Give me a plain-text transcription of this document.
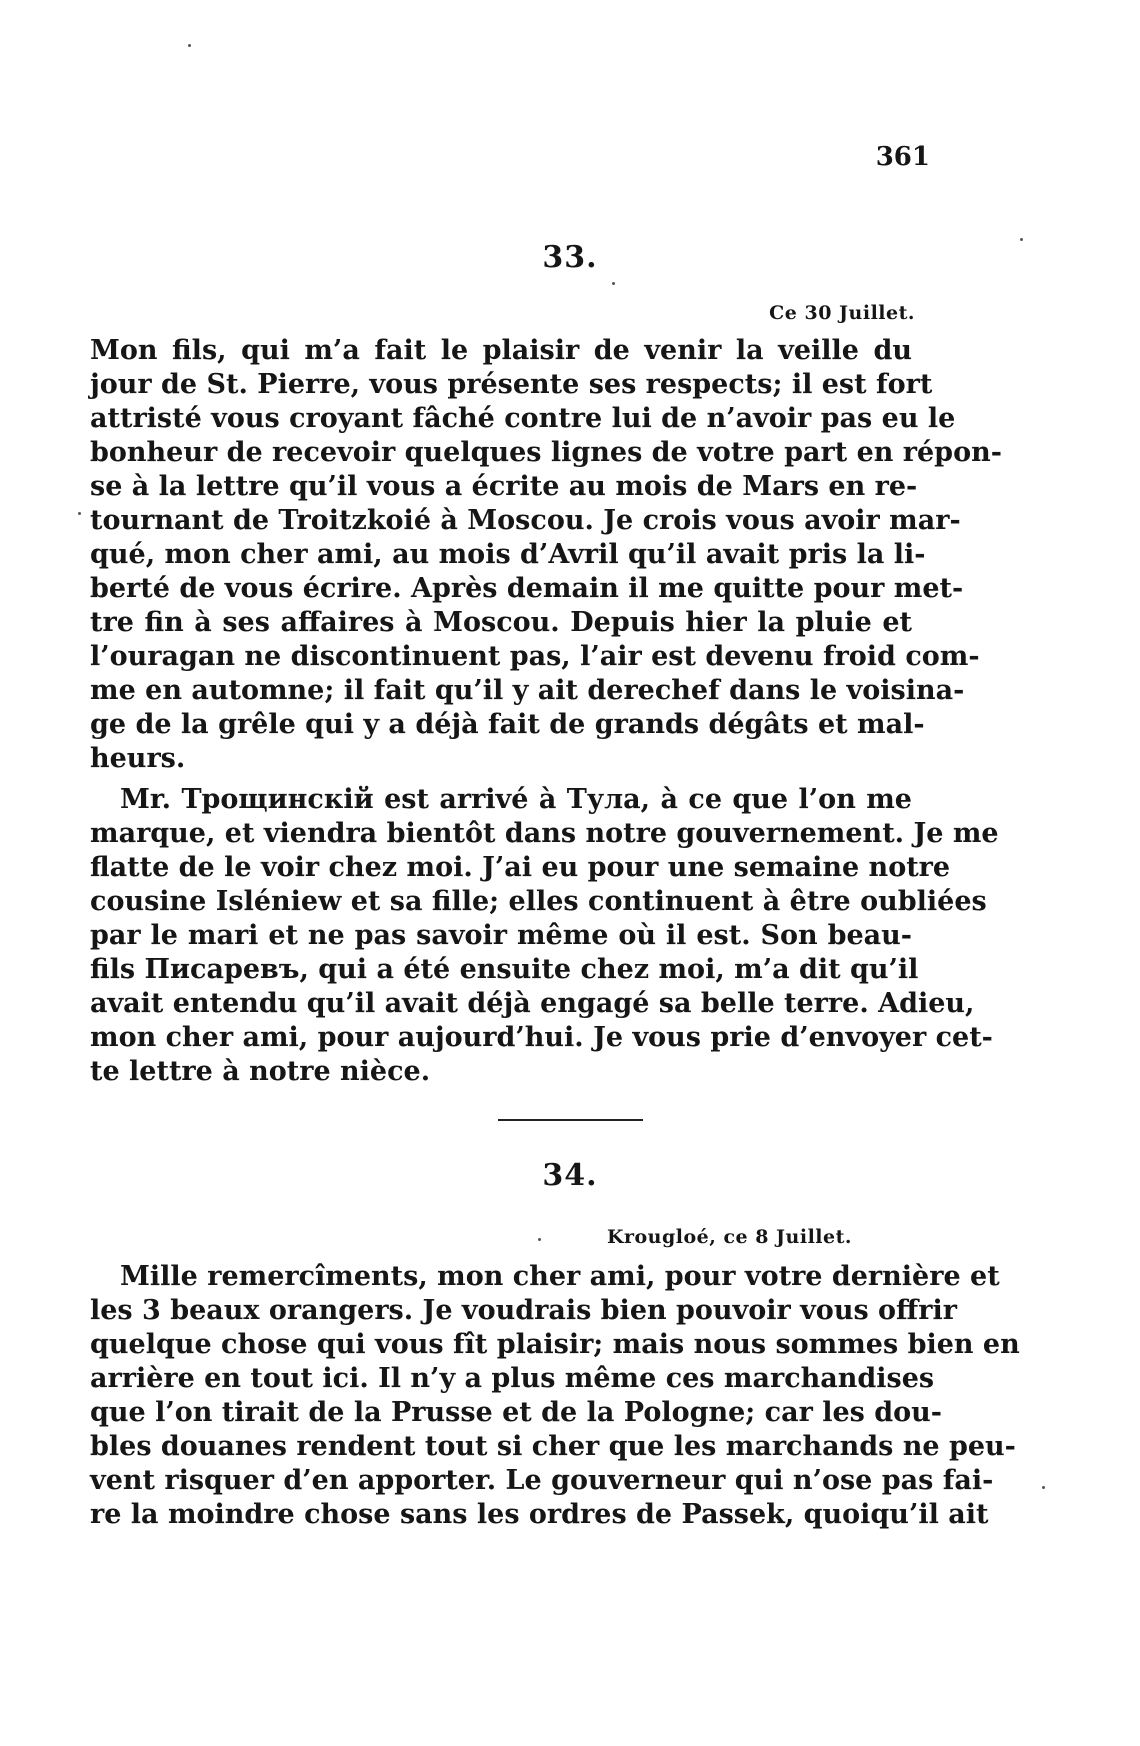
361
33.
Ce 30 Juillet.
Mon fils, qui m’a fait le plaisir de venir la veille du
jour de St. Pierre, vous présente ses respects; il est fort
attristé vous croyant fâché contre lui de n’avoir pas eu le
bonheur de recevoir quelques lignes de votre part en répon-
se à la lettre qu’il vous a écrite au mois de Mars en re-
tournant de Troitzkoié à Moscou. Je crois vous avoir mar-
qué, mon cher ami, au mois d’Avril qu’il avait pris la li-
berté de vous écrire. Après demain il me quitte pour met-
tre fin à ses affaires à Moscou. Depuis hier la pluie et
l’ouragan ne discontinuent pas, l’air est devenu froid com-
me en automne; il fait qu’il y ait derechef dans le voisina-
ge de la grêle qui y a déjà fait de grands dégâts et mal-
heurs.
Mr. Трощинскій est arrivé à Тула, à ce que l’on me
marque, et viendra bientôt dans notre gouvernement. Je me
flatte de le voir chez moi. J’ai eu pour une semaine notre
cousine Isléniew et sa fille; elles continuent à être oubliées
par le mari et ne pas savoir même où il est. Son beau-
fils Писаревъ, qui a été ensuite chez moi, m’a dit qu’il
avait entendu qu’il avait déjà engagé sa belle terre. Adieu,
mon cher ami, pour aujourd’hui. Je vous prie d’envoyer cet-
te lettre à notre nièce.
34.
Krougloé, ce 8 Juillet.
Mille remercîments, mon cher ami, pour votre dernière et
les 3 beaux orangers. Je voudrais bien pouvoir vous offrir
quelque chose qui vous fît plaisir; mais nous sommes bien en
arrière en tout ici. Il n’y a plus même ces marchandises
que l’on tirait de la Prusse et de la Pologne; car les dou-
bles douanes rendent tout si cher que les marchands ne peu-
vent risquer d’en apporter. Le gouverneur qui n’ose pas fai-
re la moindre chose sans les ordres de Passek, quoiqu’il ait
